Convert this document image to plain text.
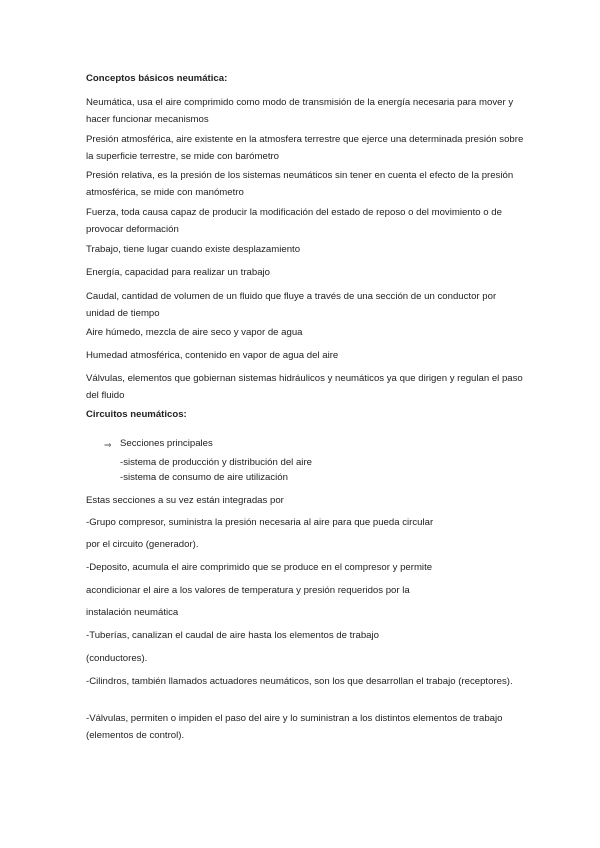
Conceptos básicos neumática:

Neumática, usa el aire comprimido como modo de transmisión de la energía necesaria para mover y hacer funcionar mecanismos

Presión atmosférica, aire existente en la atmosfera terrestre que ejerce una determinada presión sobre la superficie terrestre, se mide con barómetro

Presión relativa, es la presión de los sistemas neumáticos sin tener en cuenta el efecto de la presión atmosférica, se mide con manómetro

Fuerza, toda causa capaz de producir la modificación del estado de reposo o del movimiento o de provocar deformación

Trabajo, tiene lugar cuando existe desplazamiento

Energía, capacidad para realizar un trabajo

Caudal, cantidad de volumen de un fluido que fluye a través de una sección de un conductor por unidad de tiempo

Aire húmedo, mezcla de aire seco y vapor de agua

Humedad atmosférica, contenido en vapor de agua del aire

Válvulas, elementos que gobiernan sistemas hidráulicos y neumáticos ya que dirigen y regulan el paso del fluido

Circuitos neumáticos:

⇒ Secciones principales

-sistema de producción y distribución del aire

-sistema de consumo de aire utilización

Estas secciones a su vez están integradas por

-Grupo compresor, suministra la presión necesaria al aire para que pueda circular

por el circuito (generador).

-Deposito, acumula el aire comprimido que se produce en el compresor y permite

acondicionar el aire a los valores de temperatura y presión requeridos por la

instalación neumática

-Tuberías, canalizan el caudal de aire hasta los elementos de trabajo

(conductores).

-Cilindros, también llamados actuadores neumáticos, son los que desarrollan el trabajo (receptores).

-Válvulas, permiten o impiden el paso del aire y lo suministran a los distintos elementos de trabajo (elementos de control).
